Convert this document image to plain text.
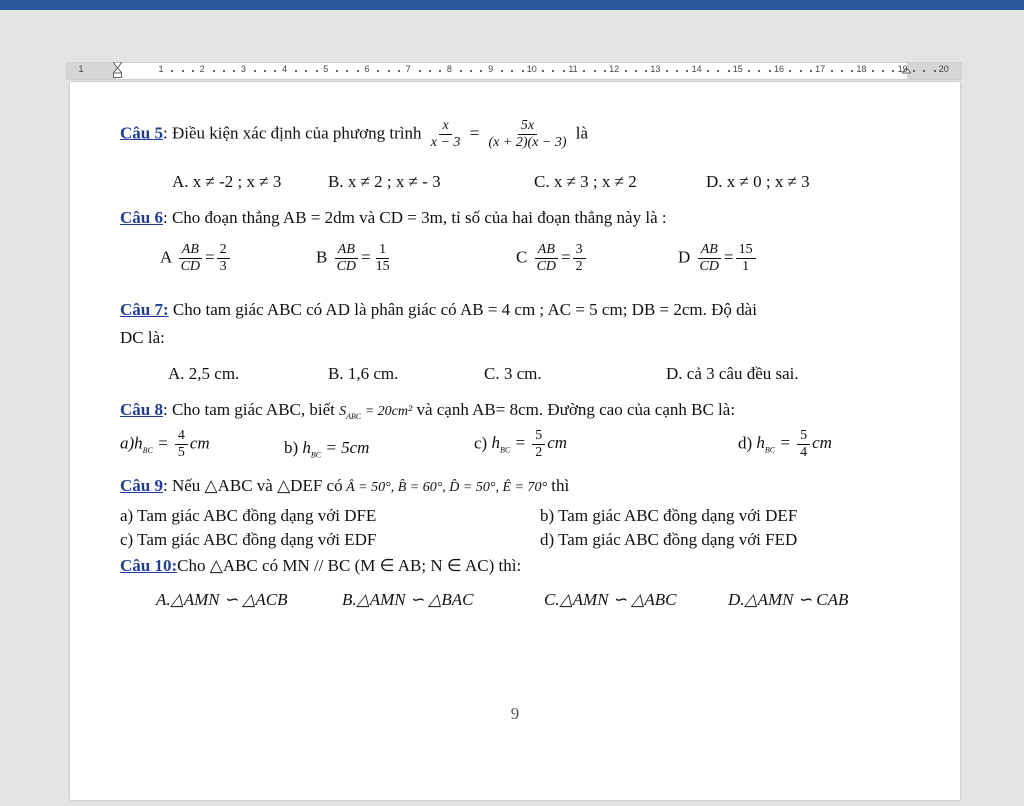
1	1	2	3	4	5	6	7	8	9	10	11	12	13	14	15	16	17	18	19	20
Câu 5: Điều kiện xác định của phương trình $\frac{x}{x - 3} = \frac{5x}{(x + 2)(x - 3)}$ là
A. x ≠ -2 ; x ≠ 3	B. x ≠ 2 ; x ≠ - 3	C. x ≠ 3 ; x ≠ 2	D. x ≠ 0 ; x ≠ 3
Câu 6: Cho đoạn thẳng AB = 2dm và CD = 3m, tỉ số của hai đoạn thẳng này là :
A $\frac{AB}{CD} = \frac{2}{3}$	B $\frac{AB}{CD} = \frac{1}{15}$	C $\frac{AB}{CD} = \frac{3}{2}$	D $\frac{AB}{CD} = \frac{15}{1}$
Câu 7: Cho tam giác ABC có AD là phân giác có AB = 4 cm ; AC = 5 cm; DB = 2cm. Độ dài
DC là:
A. 2,5 cm.	B. 1,6 cm.	C. 3 cm.	D. cả 3 câu đều sai.
Câu 8: Cho tam giác ABC, biết $S_{ABC} = 20cm^2$ và cạnh AB= 8cm. Đường cao của cạnh BC là:
$a)h_{BC} = \frac{4}{5}$ cm	b) $h_{BC} = 5cm$	c) $h_{BC} = \frac{5}{2}$ cm	d) $h_{BC} = \frac{5}{4}$ cm
Câu 9: Nếu △ABC và △DEF có Â = 50°, B̂ = 60°, D̂ = 50°, Ê = 70° thì
a) Tam giác ABC đồng dạng với DFE	b) Tam giác ABC đồng dạng với DEF
c) Tam giác ABC đồng dạng với EDF	d) Tam giác ABC đồng dạng với FED
Câu 10:Cho △ABC có MN // BC (M ∈ AB; N ∈ AC) thì:
A.△AMN ∽ △ACB	B.△AMN ∽ △BAC	C.△AMN ∽ △ABC	D.△AMN ∽ CAB
9
